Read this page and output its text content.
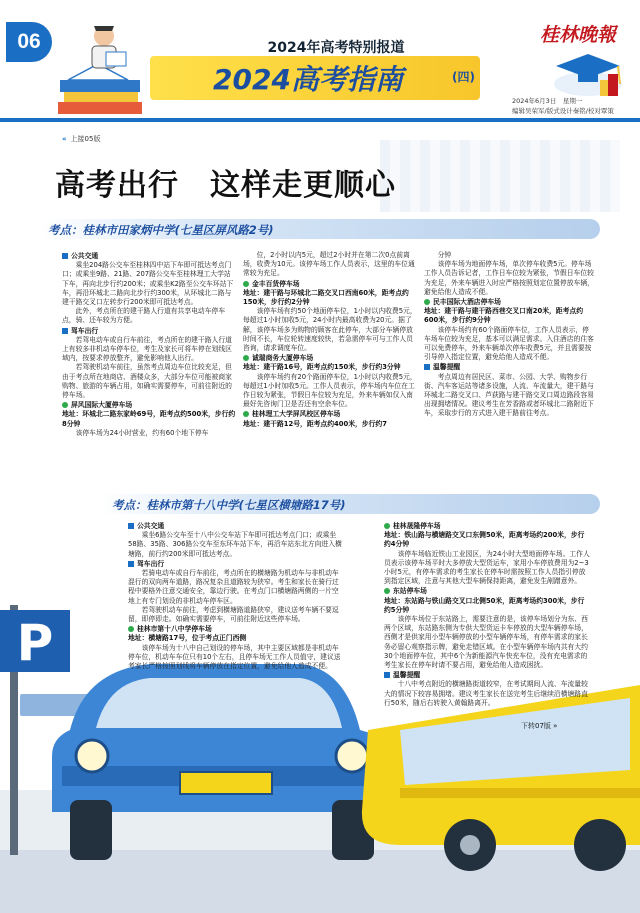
06	2024年高考特别报道
2024高考指南	(四)
桂林晚報
2024年6月3日　星期一
编辑吴荣军/版式设计秦铭/校对覃策
« 上接05版
高考出行　这样走更顺心
考点：桂林市田家炳中学(七星区屏风路2号)

公共交通

乘坐204路公交车至桂林四中站下车即可抵达考点门口；或乘坐9路、21路、207路公交车至桂林理工大学站下车，再向北步行约200米；或乘坐K2路至公交车环站下车，再沿环城北二路向北步行约300米，从环城北二路与建干路交叉口左转步行200米即可抵达考点。

此外，考点所在的建干路人行道有共享电动车停车点，骑、还车较为方便。

驾车出行

若驾电动车或自行车前往，考点所在的建干路人行道上有较多非机动车停车位，考生及家长可将车停在划线区域内，按要求停放整齐，避免影响他人出行。

若驾驶机动车前往，虽然考点周边车位比较充足，但由于考点所在地商店、酒楼众多，大部分车位可能被商家购物、旅游的车辆占用，如确实需要停车，可前往附近的停车场。

屏风国际大厦停车场

地址：环城北二路东家岭69号，距考点约500米，步行约8分钟

该停车场为24小时营业，约有60个地下停车

位，2小时以内5元，超过2小时并在第二次0点前离场，收费为10元。该停车场工作人员表示，这里的车位通常较为充足。

金丰百货停车场

地址：建干路与环城北二路交叉口西南60米，距考点约150米，步行约2分钟

该停车场有约50个地面停车位，1小时以内收费5元，每超过1小时加收5元，24小时内最高收费为20元。据了解，该停车场多为购物的顾客在此停车，大部分车辆停放时间不长，车位轮转速度较快，若急需停车可与工作人员咨询，请求调度车位。

诚瑞商务大厦停车场

地址：建干路16号，距考点约150米，步行约3分钟

该停车场约有20个路面停车位，1小时以内收费5元，每超过1小时加收5元。工作人员表示，停车场内车位在工作日较为紧张，节假日车位较为充足，外来车辆如仅入南最好先咨询门卫是否还有空余车位。

桂林理工大学屏风校区停车场

地址：建干路12号，距考点约400米，步行约7

分钟

该停车场为地面停车场，单次停车收费5元。停车场工作人员告诉记者，工作日车位较为紧张，节假日车位较为充足，外来车辆进入时应严格按照划定位置停放车辆，避免给他人造成不便。

民丰国际大酒店停车场

地址：建干路与建干路西巷交叉口南20米，距考点约600米，步行约9分钟

该停车场约有60个路面停车位，工作人员表示，停车场车位较为充足，基本可以满足需求。入住酒店的住客可以免费停车，外来车辆单次停车收费5元，并且需要按引导停入指定位置，避免给他人造成不便。

温馨提醒

考点周边有居民区、菜市、公园、大学、购物步行街、汽车客运站等诸多设施，人流、车流量大，建干路与环城北二路交叉口、芦荻路与建干路交叉口周边路段容易出现拥堵情况。建议考生在芳香路或者环城北二路附近下车，采取步行的方式进入建干路前往考点。

考点：桂林市第十八中学(七星区横塘路17号)
P

公共交通

乘坐6路公交车至十八中公交车站下车即可抵达考点门口；或乘坐58路、35路、306路公交车至东环车站下车，再沿车站东北方向进入横塘路，前行约200米即可抵达考点。

驾车出行

若骑电动车或自行车前往，考点所在的横塘路为机动车与非机动车混行的双向两车道路，路况复杂且道路较为狭窄。考生和家长在骑行过程中要格外注意交通安全，靠边行驶。在考点门口横塘路两侧的一片空地上有专门划设的非机动车停车区。

若驾驶机动车前往，考虑到横塘路道路狭窄，建议送考车辆不要逗留，即停即走。如确实需要停车，可前往附近这些停车场。

桂林市第十八中学停车场

地址：横塘路17号，位于考点正门西侧

该停车场为十八中自己划设的停车场，其中主要区域都是非机动车停车位，机动车车位只有10个左右，且停车场无工作人员值守，建议送考家长严格按照划线将车辆停放在指定位置，避免给他人造成不便。

桂林晟隆停车场

地址：铁山路与横塘路交叉口东侧50米，距离考场约200米，步行约4分钟

该停车场临近铁山工业园区，为24小时大型地面停车场。工作人员表示该停车场平时大多停放大型货运车，家用小车停放费用为2~3小时5元，有停车需求的考生家长在停车时需按照工作人员指引停放到指定区域，注意与其他大型车辆保持距离，避免发生剐蹭意外。

东站停车场

地址：东站路与铁山路交叉口北侧50米，距离考场约300米，步行约5分钟

该停车场位于东站路上，需要注意的是，该停车场划分为东、西两个区域，东站路东侧为专供大型货运卡车停放的大型车辆停车场，西侧才是供家用小型车辆停放的小型车辆停车场，有停车需求的家长务必留心观察指示牌，避免走错区域。在小型车辆停车场内共有大约30个地面停车位，其中6个为新能源汽车快充车位，没有充电需求的考生家长在停车时请不要占用，避免给他人造成困扰。

温馨提醒

十八中考点附近的横塘路街道较窄，在考试期间人流、车流量较大的情况下较容易拥堵。建议考生家长在送完考生后继续沿横塘路直行50米，随后右转驶入黄翰路离开。

下转07版 »
